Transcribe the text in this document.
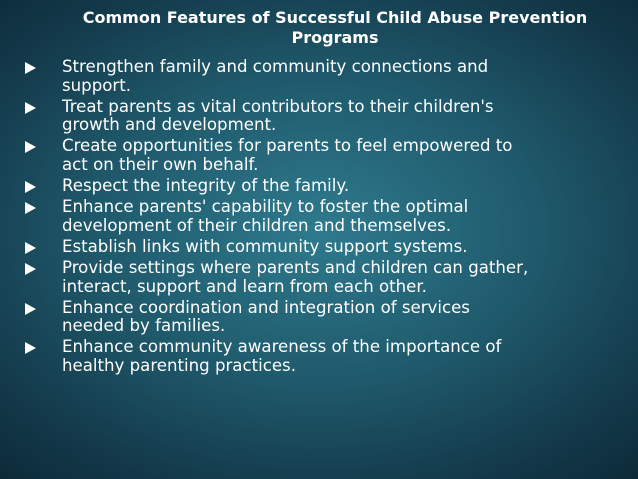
Common Features of Successful Child Abuse Prevention
Programs
Strengthen family and community connections and
support.
Treat parents as vital contributors to their children's
growth and development.
Create opportunities for parents to feel empowered to
act on their own behalf.
Respect the integrity of the family.
Enhance parents' capability to foster the optimal
development of their children and themselves.
Establish links with community support systems.
Provide settings where parents and children can gather,
interact, support and learn from each other.
Enhance coordination and integration of services
needed by families.
Enhance community awareness of the importance of
healthy parenting practices.
